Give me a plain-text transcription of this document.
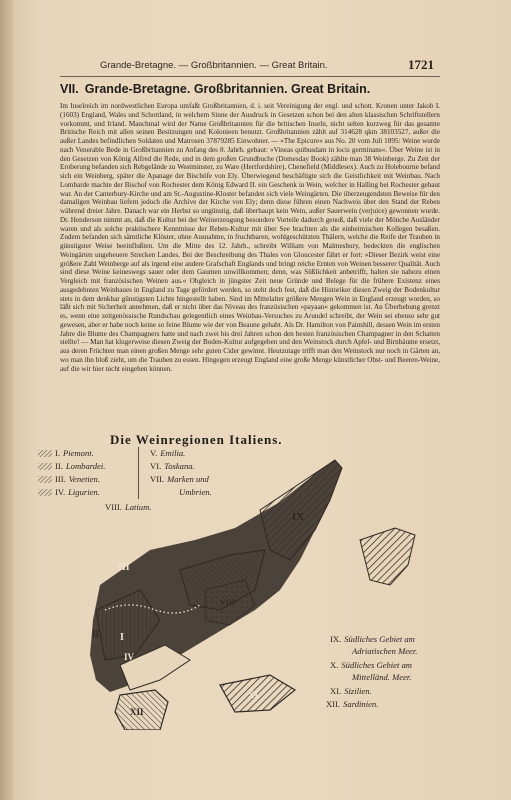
Grande-Bretagne. — Großbritannien. — Great Britain.	1721
VII. Grande-Bretagne. Großbritannien. Great Britain.

Im Inselreich im nordwestlichen Europa umfaßt Großbritannien, d. i. seit Vereinigung der engl. und schott. Kronen unter Jakob I. (1603) England, Wales und Schottland, in welchem Sinne der Ausdruck in Gesetzen schon bei den alten klassischen Schriftstellern vorkommt, und Irland. Manchmal wird der Name Großbritannien für die britischen Inseln, nicht selten kurzweg für das gesamte Britische Reich mit allen seinen Besitzungen und Kolonieen benutzt. Großbritannien zählt auf 314628 qkm 38103527, außer die außer Landes befindlichen Soldaten und Matrosen 37879285 Einwohner. — »The Epicure« aus No. 20 vom Juli 1895: Weine wurde nach Venerable Bede in Großbritannien zu Anfang des 8. Jahrh. gebaut: »Vineas quibusdam in locis germinans«. Über Weine ist in den Gesetzen von König Alfred die Rede, und in dem großen Grundbuche (Domesday Book) zählte man 38 Weinberge. Zu Zeit der Eroberung befanden sich Rebgelände zu Westminster, zu Ware (Hertfordshire), Chenefield (Middlesex). Auch zu Holebourne befand sich ein Weinberg, später die Apanage der Bischöfe von Ely. Überwiegend beschäftigte sich die Geistlichkeit mit Weinbau. Nach Lombarde machte der Bischof von Rochester dem König Edward II. ein Geschenk in Wein, welcher in Halling bei Rochester gebaut war. An der Canterbury-Kirche und am St.-Augustine-Kloster befanden sich viele Weingärten. Die überzeugendsten Beweise für den damaligen Weinbau liefern jedoch die Archive der Kirche von Ely; denn diese führen einen Nachweis über den Stand der Reben während dreier Jahre. Danach war ein Herbst so ungünstig, daß überhaupt kein Wein, außer Sauerwein (verjuice) gewonnen wurde. Dr. Henderson nimmt an, daß die Kultur bei der Weinerzeugung besondere Vorteile dadurch genoß, daß viele der Mönche Ausländer waren und als solche praktischere Kenntnisse der Reben-Kultur mit über See brachten als die einheimischen Kollegen besaßen. Zudem befanden sich sämtliche Klöster, ohne Ausnahme, in fruchtbaren, wohlgeschützten Thälern, welche die Reife der Trauben in günstigster Weise beeinflußten. Um die Mitte des 12. Jahrh., schreibt William von Malmesbury, bedeckten die englischen Weingärten ungeheuere Strecken Landes. Bei der Beschreibung des Thales von Gloucester fährt er fort: »Dieser Bezirk weist eine größere Zahl Weinberge auf als irgend eine andere Grafschaft Englands und bringt reiche Ernten von Weinen besserer Qualität. Auch sind diese Weine keineswegs sauer oder dem Gaumen unwillkommen; denn, was Süßlichkeit anbetrifft, halten sie nahezu einen Vergleich mit französischen Weinen aus.« Obgleich in jüngster Zeit neue Gründe und Belege für die frühere Existenz eines ausgedehnten Weinbaues in England zu Tage gefördert werden, so steht doch fest, daß die Historiker diesen Zweig der Bodenkultur stets in dem denkbar günstigsten Lichte hingestellt haben. Sind im Mittelalter größere Mengen Wein in England erzeugt worden, so läßt sich mit Sicherheit annehmen, daß er nicht über das Niveau des französischen »payaan« gekommen ist. An Überhebung grenzt es, wenn eine zeitgenössische Rundschau gelegentlich eines Weinbau-Versuches zu Arundel schreibt, der Wein sei ebenso sehr gut gewesen, aber er habe noch keine so feine Blume wie der von Beaune gehabt. Als Dr. Hamilton von Painshill, dessen Wein im ersten Jahre die Blume des Champagners hatte und nach zwei bis drei Jahren schon den besten französischen Champagner in den Schatten stellte! — Man hat klugerweise diesen Zweig der Boden-Kultur aufgegeben und den Weinstock durch Apfel- und Birnbäume ersetzt, aus deren Früchten man einen großen Menge sehr guten Cider gewinnt. Heutzutage trifft man den Weinstock nur noch in Gärten an, wo man ihn bloß zieht, um die Trauben zu essen. Hingegen erzeugt England eine große Menge künstlicher Obst- und Beeren-Weine, auf die wir hier nicht eingehen können.

Die Weinregionen Italiens.
I. Piemont.
II. Lombardei.
III. Venetien.
IV. Ligurien.
V. Emilia.
VI. Toskana.
VII. Marken und
Umbrien.
VIII. Latium.
I
II
III
IV
VIII
IX
XI
XII
IX. Südliches Gebiet am
Adriatischen Meer.
X. Südliches Gebiet am
Mittelländ. Meer.
XI. Sizilien.
XII. Sardinien.
